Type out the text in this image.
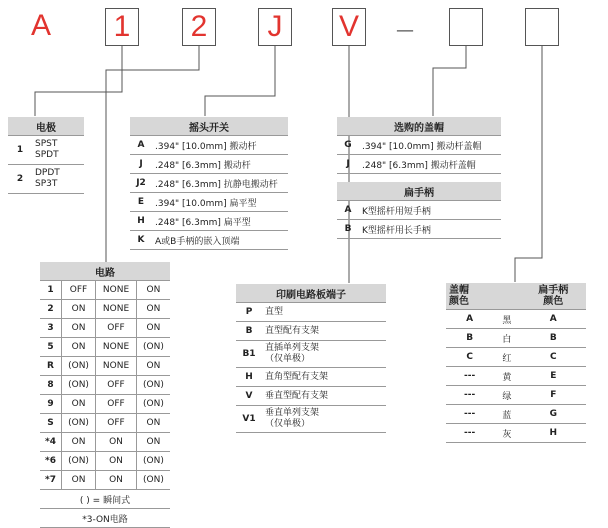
A 1 2	J	V	—
电极	
1	SPST
SPDT
2	DPDT
SP3T
电路			
1	OFF	NONE	ON
2	ON	NONE	ON
3	ON	OFF	ON
5	ON	NONE	(ON)
R	(ON)	NONE	ON
8	(ON)	OFF	(ON)
9	ON	OFF	(ON)
S	(ON)	OFF	ON
*4	ON	ON	ON
*6	(ON)	ON	(ON)
*7	ON	ON	(ON)
( ) = 瞬间式			
*3-ON电路			
摇头开关	
A	.394" [10.0mm] 搬动杆
J	.248" [6.3mm] 搬动杆
J2	.248" [6.3mm] 抗静电搬动杆
E	.394" [10.0mm] 扁平型
H	.248" [6.3mm] 扁平型
K	A或B手柄的嵌入顶端
印刷电路板端子	
P	直型
B	直型配有支架
B1	直插单列支架
（仅单极）
H	直角型配有支架
V	垂直型配有支架
V1	垂直单列支架
（仅单极）
选购的盖帽	
G	.394" [10.0mm] 搬动杆盖帽
J	.248" [6.3mm] 搬动杆盖帽
扁手柄	
A	K型摇杆用短手柄
B	K型摇杆用长手柄
盖帽
颜色		扁手柄
颜色
A	黑	A
B	白	B
C	红	C
---	黄	E
---	绿	F
---	蓝	G
---	灰	H
